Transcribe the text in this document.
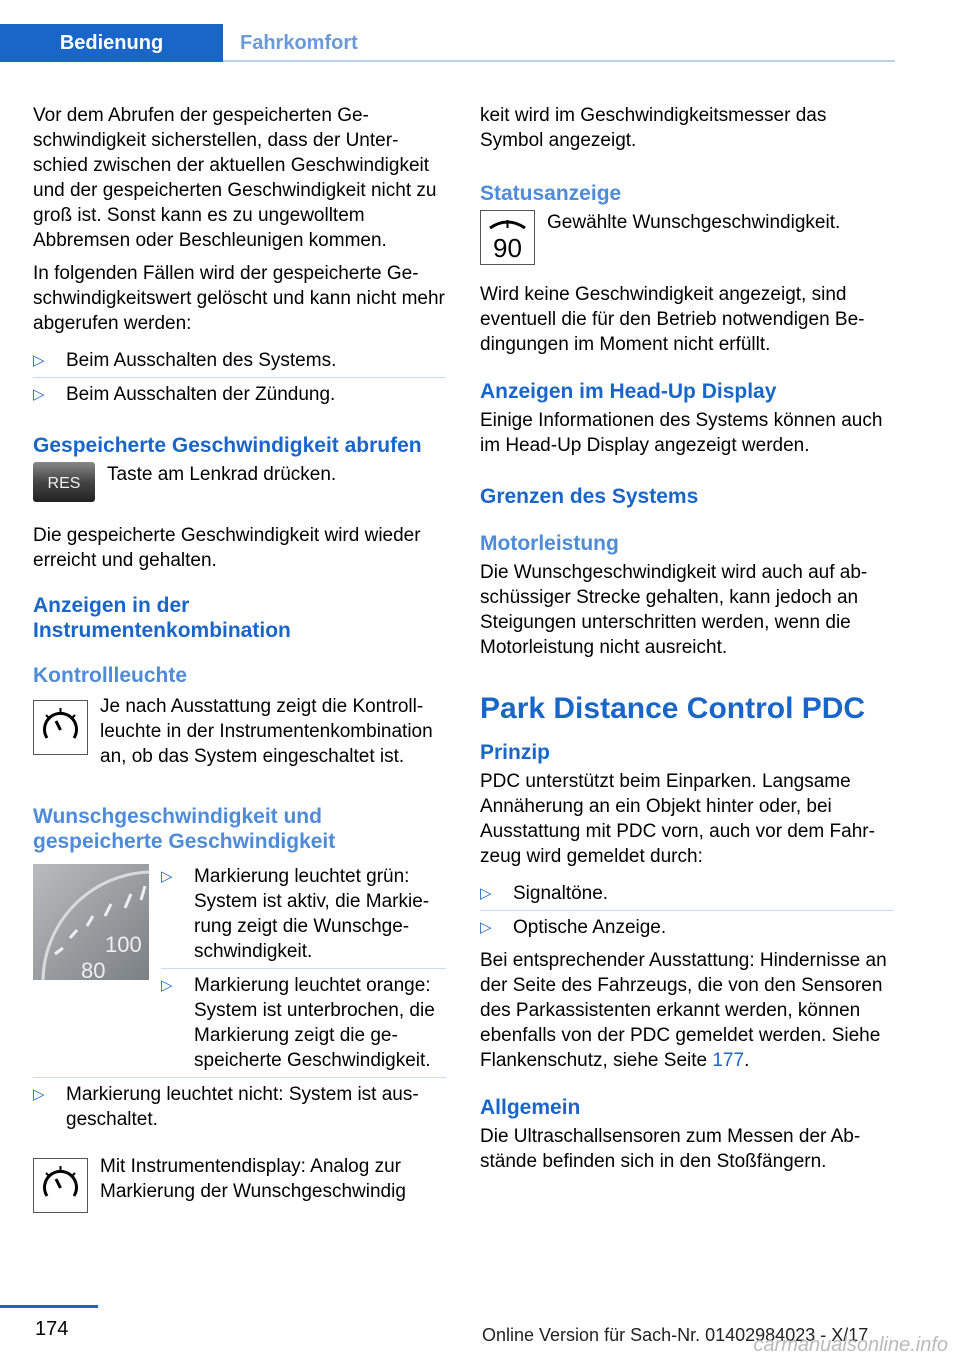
Bedienung	Fahrkomfort

Vor dem Abrufen der gespeicherten Geschwindigkeit sicherstellen, dass der Unterschied zwischen der aktuellen Geschwindigkeit und der gespeicherten Geschwindigkeit nicht zu groß ist. Sonst kann es zu ungewolltem Abbremsen oder Beschleunigen kommen.

In folgenden Fällen wird der gespeicherte Geschwindigkeitswert gelöscht und kann nicht mehr abgerufen werden:

▷ Beim Ausschalten des Systems.
▷ Beim Ausschalten der Zündung.
Gespeicherte Geschwindigkeit abrufen
RES Taste am Lenkrad drücken.

Die gespeicherte Geschwindigkeit wird wieder erreicht und gehalten.

Anzeigen in der Instrumentenkombination
Kontrollleuchte
Je nach Ausstattung zeigt die Kontrollleuchte in der Instrumentenkombination an, ob das System eingeschaltet ist.
Wunschgeschwindigkeit und gespeicherte Geschwindigkeit
100
80
▷ Markierung leuchtet grün: System ist aktiv, die Markierung zeigt die Wunschgeschwindigkeit.
▷ Markierung leuchtet orange: System ist unterbrochen, die Markierung zeigt die gespeicherte Geschwindigkeit.
▷ Markierung leuchtet nicht: System ist ausgeschaltet.
Mit Instrumentendisplay: Analog zur Markierung der Wunschgeschwindig

keit wird im Geschwindigkeitsmesser das Symbol angezeigt.

Statusanzeige
90
Gewählte Wunschgeschwindigkeit.

Wird keine Geschwindigkeit angezeigt, sind eventuell die für den Betrieb notwendigen Bedingungen im Moment nicht erfüllt.

Anzeigen im Head-Up Display

Einige Informationen des Systems können auch im Head-Up Display angezeigt werden.

Grenzen des Systems
Motorleistung

Die Wunschgeschwindigkeit wird auch auf abschüssiger Strecke gehalten, kann jedoch an Steigungen unterschritten werden, wenn die Motorleistung nicht ausreicht.

Park Distance Control PDC
Prinzip

PDC unterstützt beim Einparken. Langsame Annäherung an ein Objekt hinter oder, bei Ausstattung mit PDC vorn, auch vor dem Fahrzeug wird gemeldet durch:

▷ Signaltöne.
▷ Optische Anzeige.

Bei entsprechender Ausstattung: Hindernisse an der Seite des Fahrzeugs, die von den Sensoren des Parkassistenten erkannt werden, können ebenfalls von der PDC gemeldet werden. Siehe Flankenschutz, siehe Seite 177.

Allgemein

Die Ultraschallsensoren zum Messen der Abstände befinden sich in den Stoßfängern.

174	Online Version für Sach-Nr. 01402984023 - X/17
carmanualsonline.info
